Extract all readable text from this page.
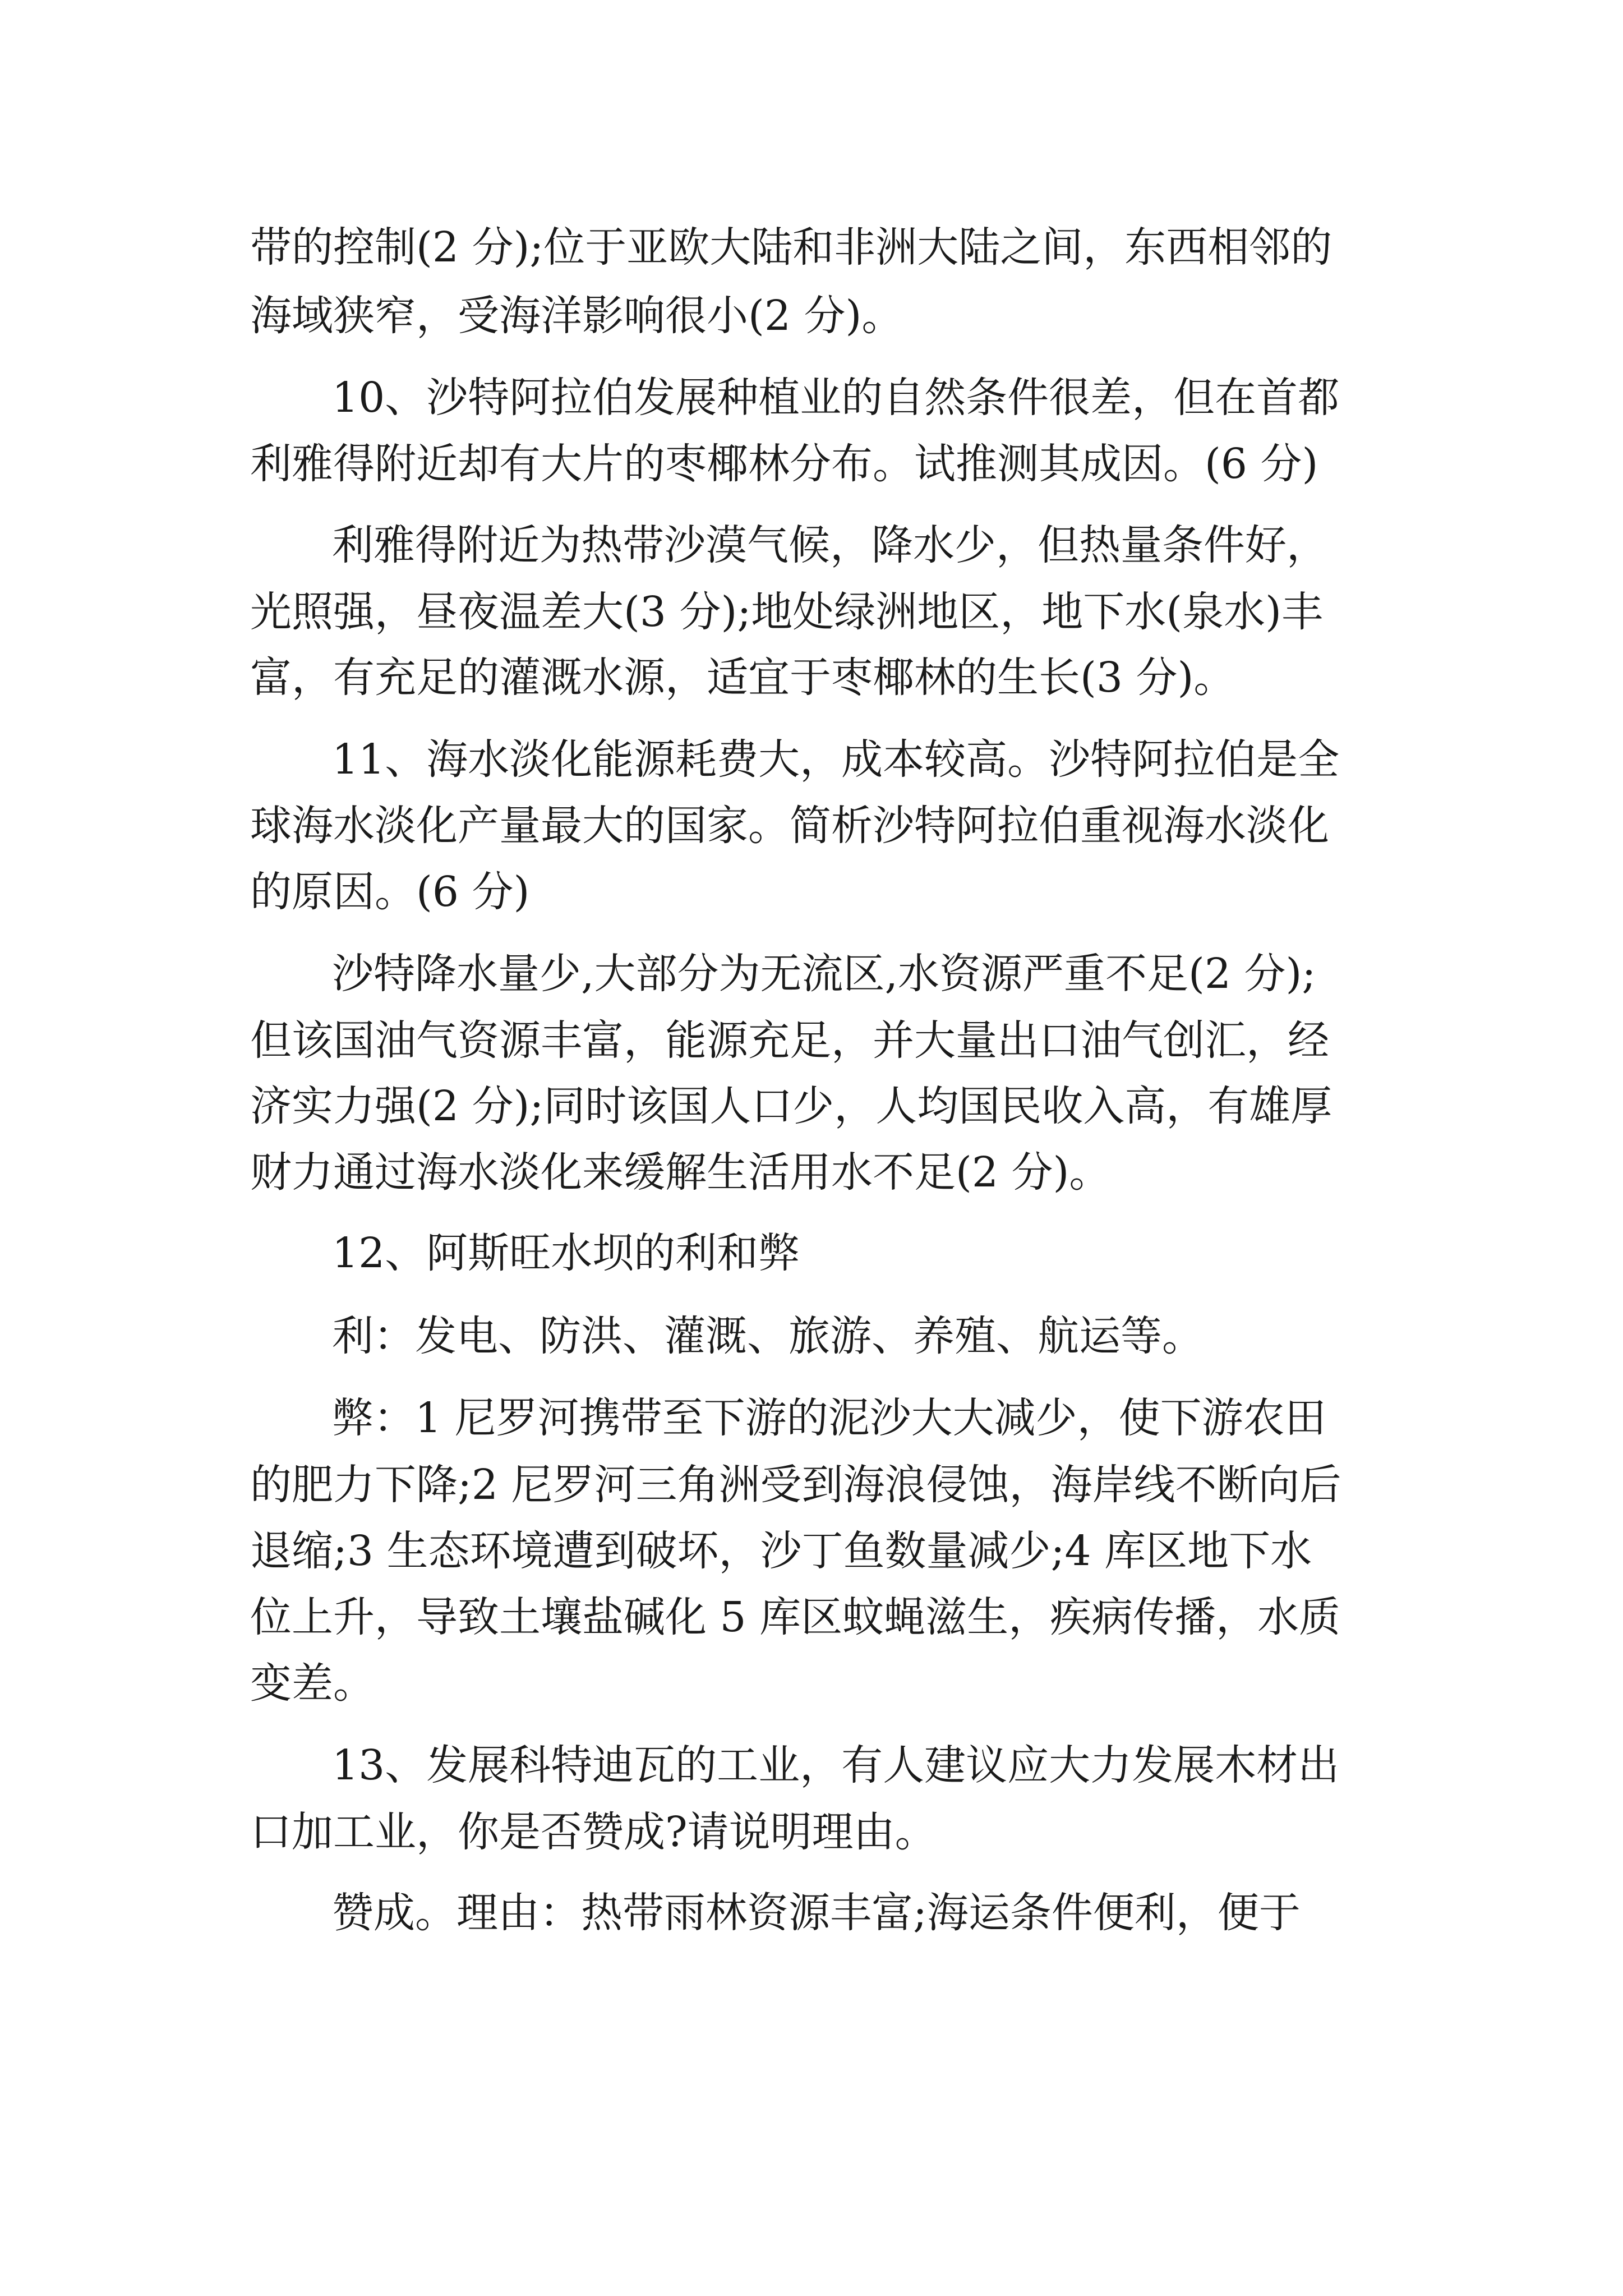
带的控制(2 分);位于亚欧大陆和非洲大陆之间，东西相邻的
海域狭窄，受海洋影响很小(2 分)。
10、沙特阿拉伯发展种植业的自然条件很差，但在首都
利雅得附近却有大片的枣椰林分布。试推测其成因。(6 分)
利雅得附近为热带沙漠气候，降水少，但热量条件好，
光照强，昼夜温差大(3 分);地处绿洲地区，地下水(泉水)丰
富，有充足的灌溉水源，适宜于枣椰林的生长(3 分)。
11、海水淡化能源耗费大，成本较高。沙特阿拉伯是全
球海水淡化产量最大的国家。简析沙特阿拉伯重视海水淡化
的原因。(6 分)
沙特降水量少,大部分为无流区,水资源严重不足(2 分);
但该国油气资源丰富，能源充足，并大量出口油气创汇，经
济实力强(2 分);同时该国人口少，人均国民收入高，有雄厚
财力通过海水淡化来缓解生活用水不足(2 分)。
12、阿斯旺水坝的利和弊
利：发电、防洪、灌溉、旅游、养殖、航运等。
弊：1 尼罗河携带至下游的泥沙大大减少，使下游农田
的肥力下降;2 尼罗河三角洲受到海浪侵蚀，海岸线不断向后
退缩;3 生态环境遭到破坏，沙丁鱼数量减少;4 库区地下水
位上升，导致土壤盐碱化 5 库区蚊蝇滋生，疾病传播，水质
变差。
13、发展科特迪瓦的工业，有人建议应大力发展木材出
口加工业，你是否赞成?请说明理由。
赞成。理由：热带雨林资源丰富;海运条件便利，便于
